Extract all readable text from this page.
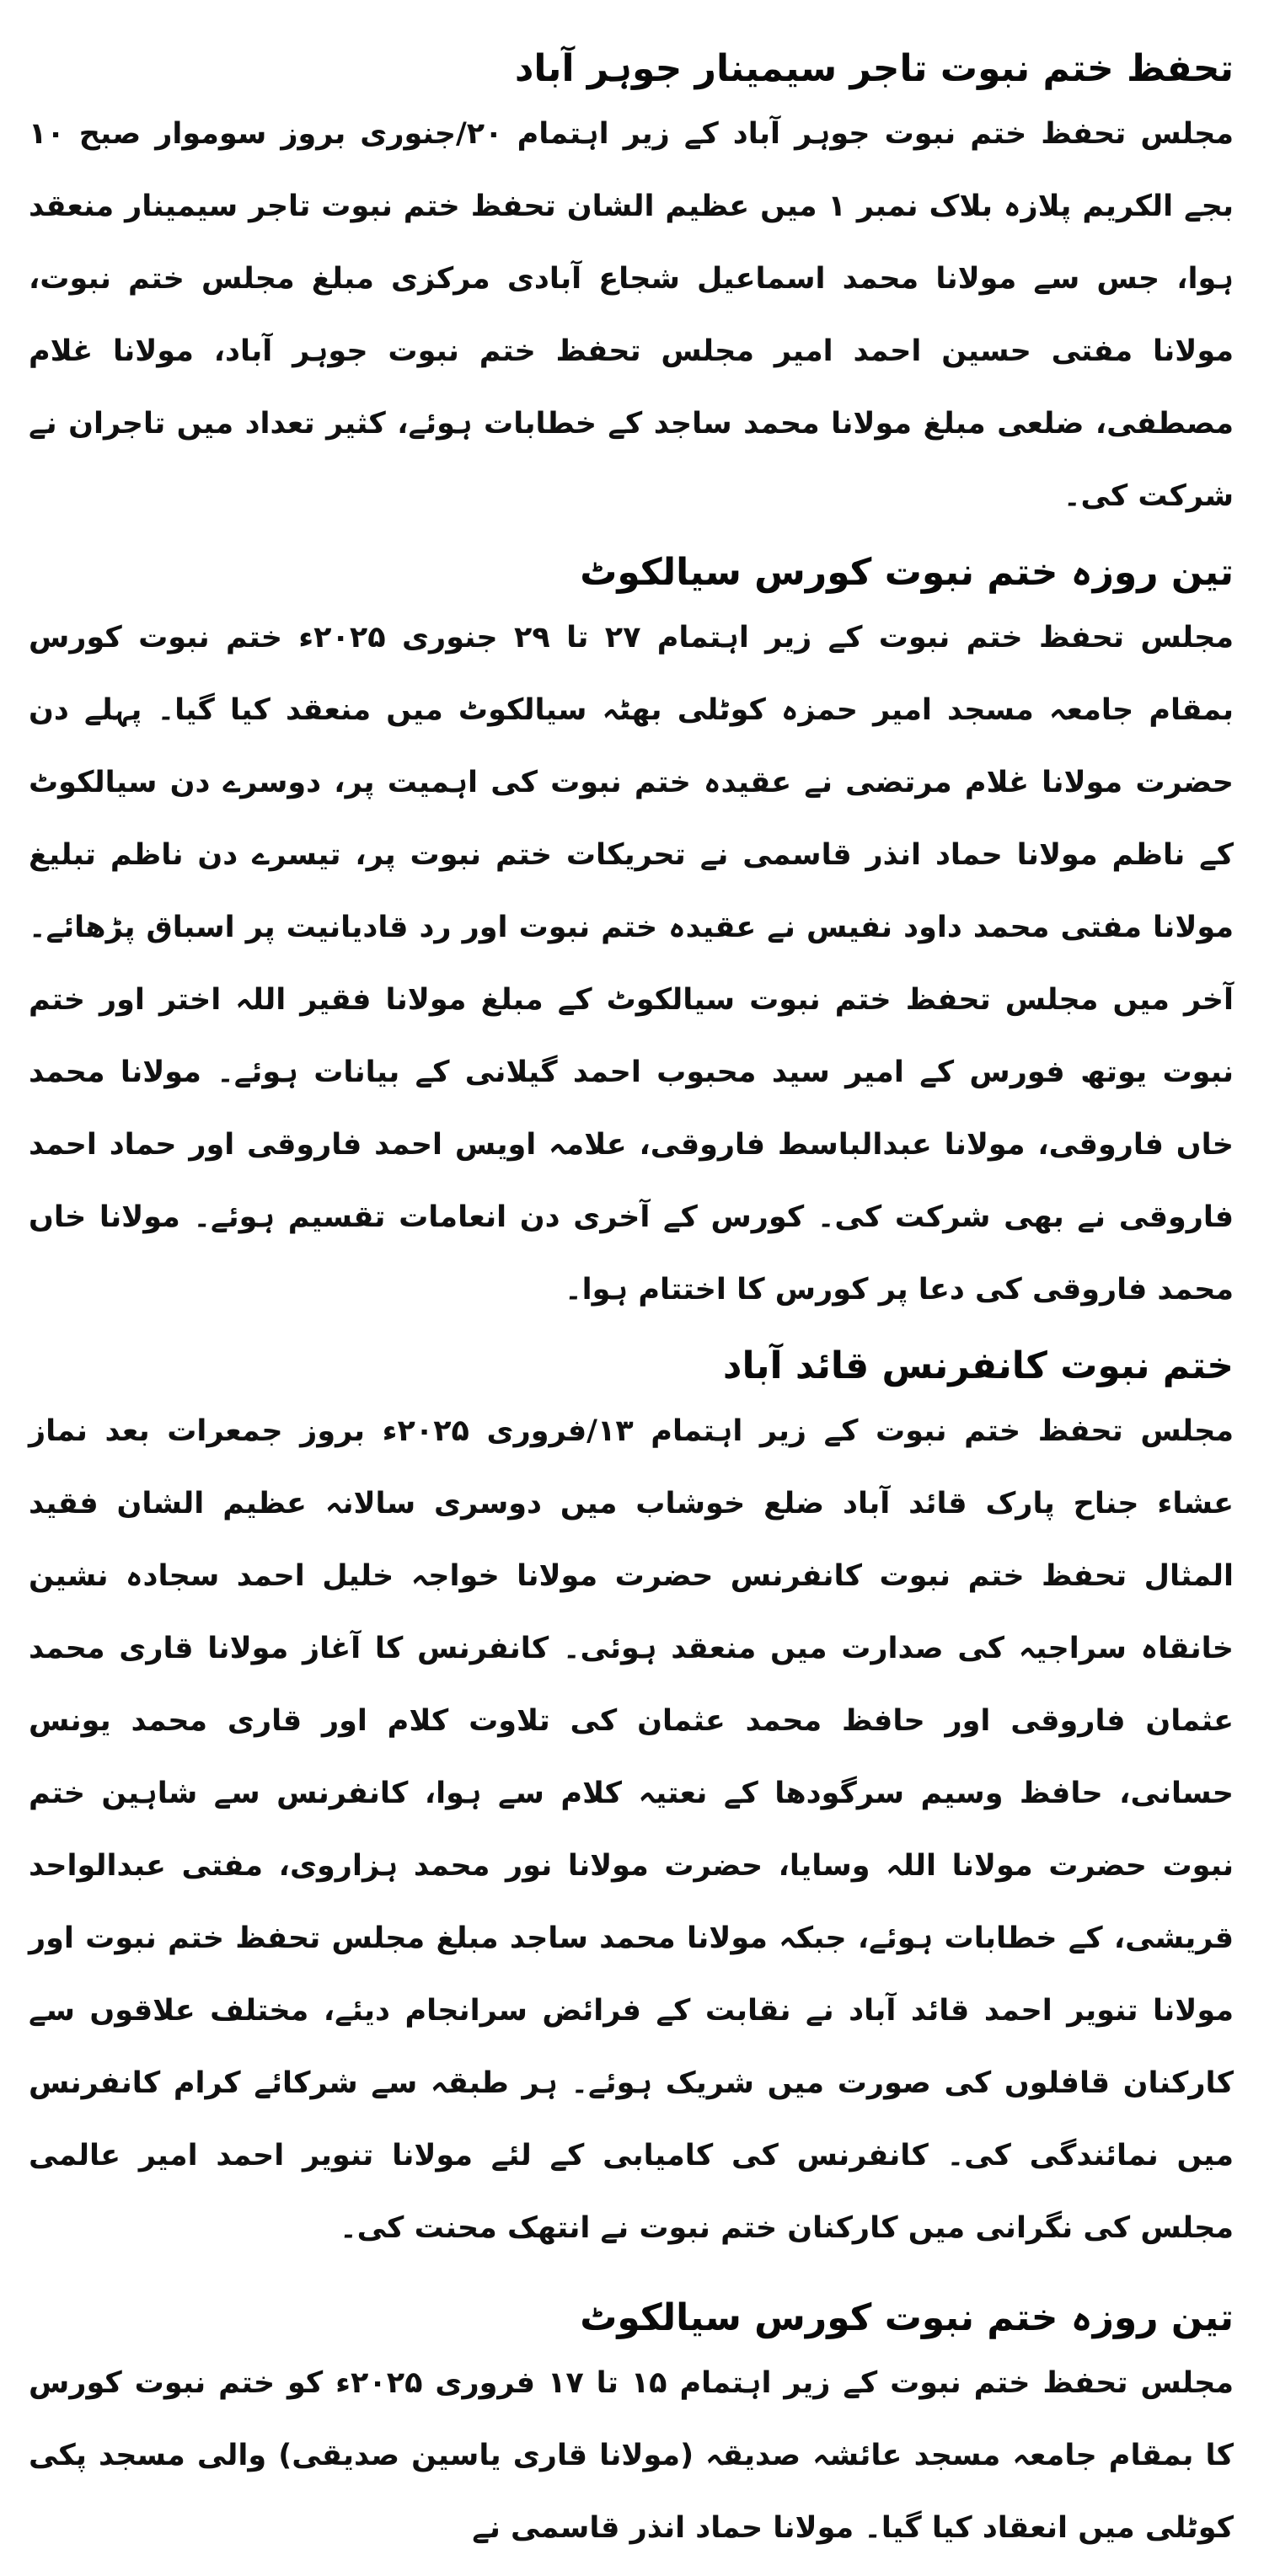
تحفظ ختم نبوت تاجر سیمینار جوہر آباد

مجلس تحفظ ختم نبوت جوہر آباد کے زیر اہتمام ۲۰/جنوری بروز سوموار صبح ۱۰ بجے الکریم پلازہ بلاک نمبر ۱ میں عظیم الشان تحفظ ختم نبوت تاجر سیمینار منعقد ہوا، جس سے مولانا محمد اسماعیل شجاع آبادی مرکزی مبلغ مجلس ختم نبوت، مولانا مفتی حسین احمد امیر مجلس تحفظ ختم نبوت جوہر آباد، مولانا غلام مصطفی، ضلعی مبلغ مولانا محمد ساجد کے خطابات ہوئے، کثیر تعداد میں تاجران نے شرکت کی۔

تین روزہ ختم نبوت کورس سیالکوٹ

مجلس تحفظ ختم نبوت کے زیر اہتمام ۲۷ تا ۲۹ جنوری ۲۰۲۵ء ختم نبوت کورس بمقام جامعہ مسجد امیر حمزہ کوٹلی بھٹہ سیالکوٹ میں منعقد کیا گیا۔ پہلے دن حضرت مولانا غلام مرتضی نے عقیدہ ختم نبوت کی اہمیت پر، دوسرے دن سیالکوٹ کے ناظم مولانا حماد انذر قاسمی نے تحریکات ختم نبوت پر، تیسرے دن ناظم تبلیغ مولانا مفتی محمد داود نفیس نے عقیدہ ختم نبوت اور رد قادیانیت پر اسباق پڑھائے۔ آخر میں مجلس تحفظ ختم نبوت سیالکوٹ کے مبلغ مولانا فقیر اللہ اختر اور ختم نبوت یوتھ فورس کے امیر سید محبوب احمد گیلانی کے بیانات ہوئے۔ مولانا محمد خاں فاروقی، مولانا عبدالباسط فاروقی، علامہ اویس احمد فاروقی اور حماد احمد فاروقی نے بھی شرکت کی۔ کورس کے آخری دن انعامات تقسیم ہوئے۔ مولانا خاں محمد فاروقی کی دعا پر کورس کا اختتام ہوا۔

ختم نبوت کانفرنس قائد آباد

مجلس تحفظ ختم نبوت کے زیر اہتمام ۱۳/فروری ۲۰۲۵ء بروز جمعرات بعد نماز عشاء جناح پارک قائد آباد ضلع خوشاب میں دوسری سالانہ عظیم الشان فقید المثال تحفظ ختم نبوت کانفرنس حضرت مولانا خواجہ خلیل احمد سجادہ نشین خانقاہ سراجیہ کی صدارت میں منعقد ہوئی۔ کانفرنس کا آغاز مولانا قاری محمد عثمان فاروقی اور حافظ محمد عثمان کی تلاوت کلام اور قاری محمد یونس حسانی، حافظ وسیم سرگودھا کے نعتیہ کلام سے ہوا، کانفرنس سے شاہین ختم نبوت حضرت مولانا اللہ وسایا، حضرت مولانا نور محمد ہزاروی، مفتی عبدالواحد قریشی، کے خطابات ہوئے، جبکہ مولانا محمد ساجد مبلغ مجلس تحفظ ختم نبوت اور مولانا تنویر احمد قائد آباد نے نقابت کے فرائض سرانجام دیئے، مختلف علاقوں سے کارکنان قافلوں کی صورت میں شریک ہوئے۔ ہر طبقہ سے شرکائے کرام کانفرنس میں نمائندگی کی۔ کانفرنس کی کامیابی کے لئے مولانا تنویر احمد امیر عالمی مجلس کی نگرانی میں کارکنان ختم نبوت نے انتھک محنت کی۔

تین روزہ ختم نبوت کورس سیالکوٹ

مجلس تحفظ ختم نبوت کے زیر اہتمام ۱۵ تا ۱۷ فروری ۲۰۲۵ء کو ختم نبوت کورس کا بمقام جامعہ مسجد عائشہ صدیقہ (مولانا قاری یاسین صدیقی) والی مسجد پکی کوٹلی میں انعقاد کیا گیا۔ مولانا حماد انذر قاسمی نے
